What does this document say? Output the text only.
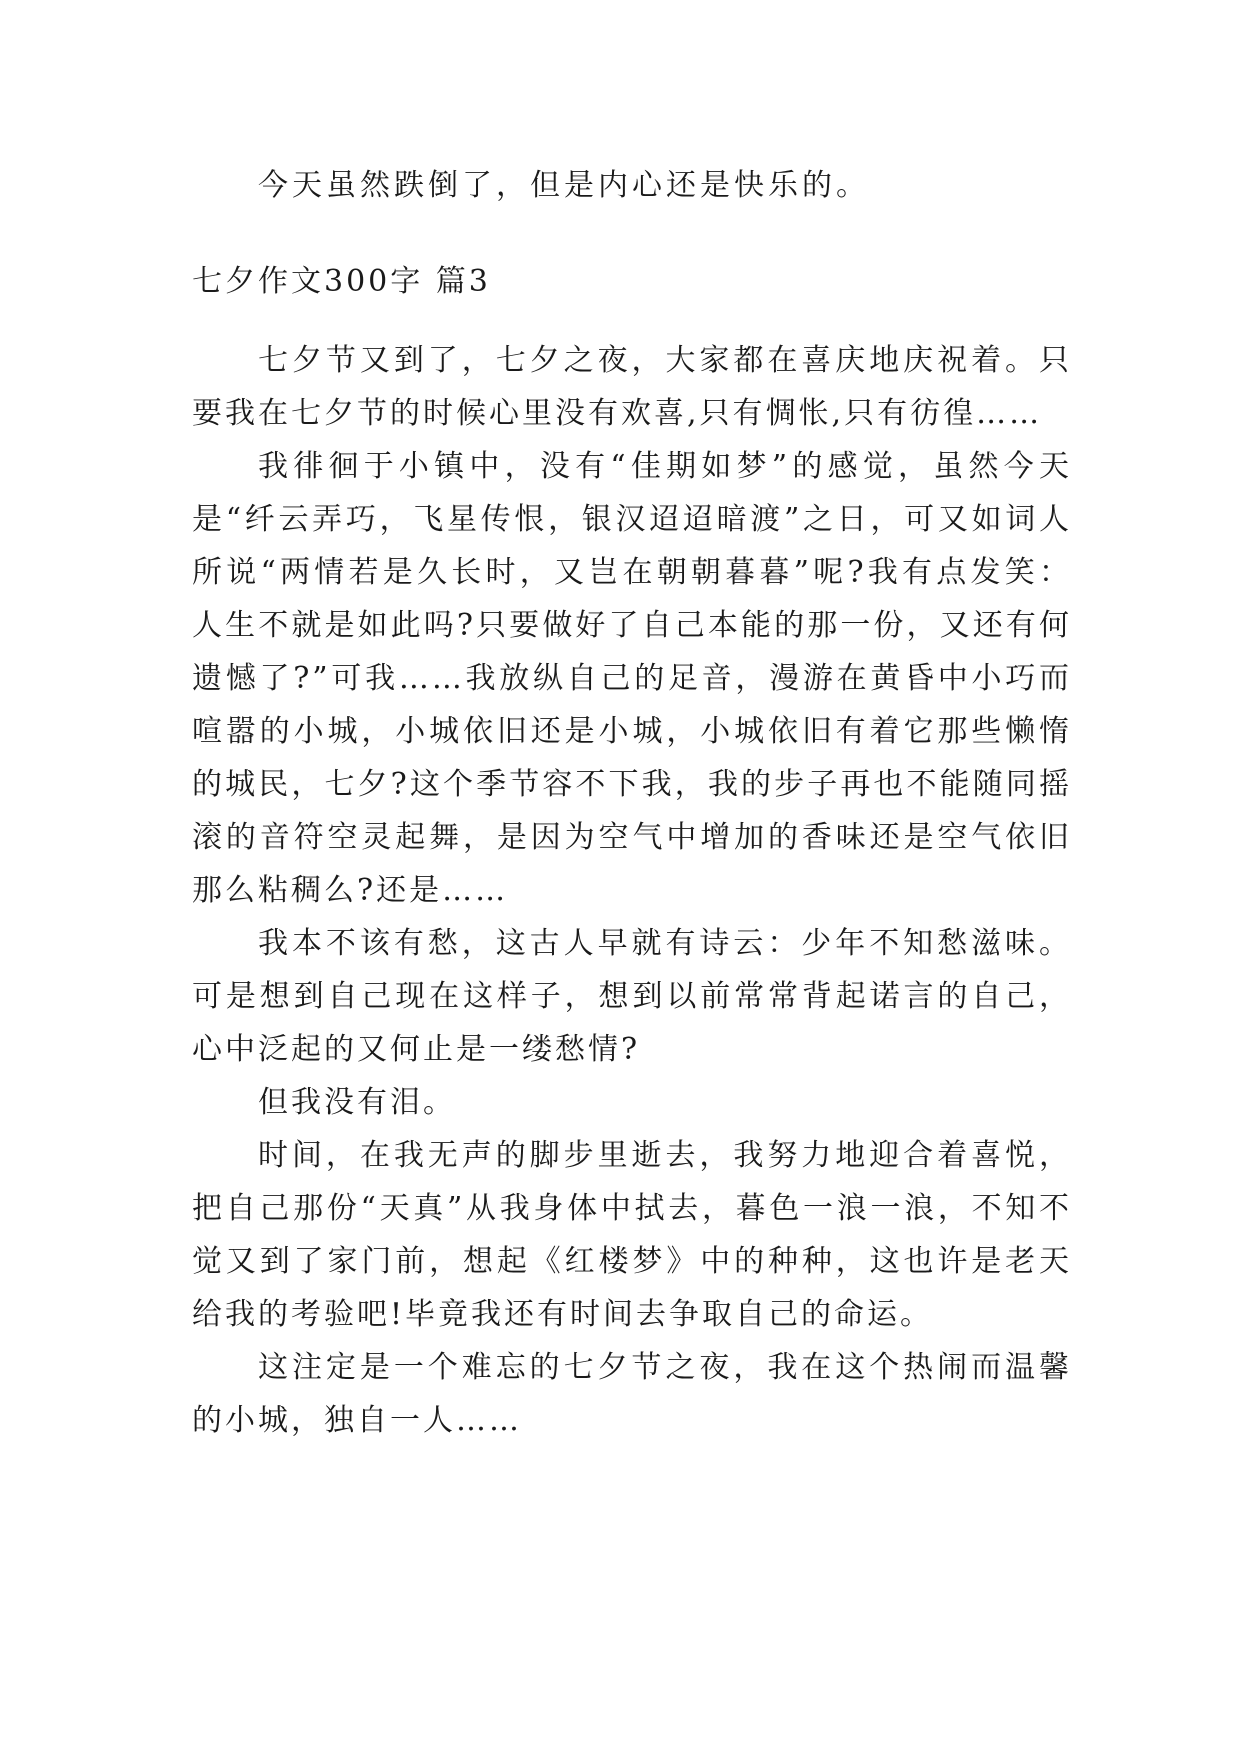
今天虽然跌倒了，但是内心还是快乐的。
七夕作文300字 篇3

七夕节又到了，七夕之夜，大家都在喜庆地庆祝着。只要我在七夕节的时候心里没有欢喜,只有惆怅,只有彷徨……

我徘徊于小镇中，没有“佳期如梦”的感觉，虽然今天是“纤云弄巧，飞星传恨，银汉迢迢暗渡”之日，可又如词人所说“两情若是久长时，又岂在朝朝暮暮”呢?我有点发笑：人生不就是如此吗?只要做好了自己本能的那一份，又还有何遗憾了?”可我……我放纵自己的足音，漫游在黄昏中小巧而喧嚣的小城，小城依旧还是小城，小城依旧有着它那些懒惰的城民，七夕?这个季节容不下我，我的步子再也不能随同摇滚的音符空灵起舞，是因为空气中增加的香味还是空气依旧那么粘稠么?还是……

我本不该有愁，这古人早就有诗云：少年不知愁滋味。可是想到自己现在这样子，想到以前常常背起诺言的自己，心中泛起的又何止是一缕愁情?

但我没有泪。

时间，在我无声的脚步里逝去，我努力地迎合着喜悦，把自己那份“天真”从我身体中拭去，暮色一浪一浪，不知不觉又到了家门前，想起《红楼梦》中的种种，这也许是老天给我的考验吧!毕竟我还有时间去争取自己的命运。

这注定是一个难忘的七夕节之夜，我在这个热闹而温馨的小城，独自一人……
